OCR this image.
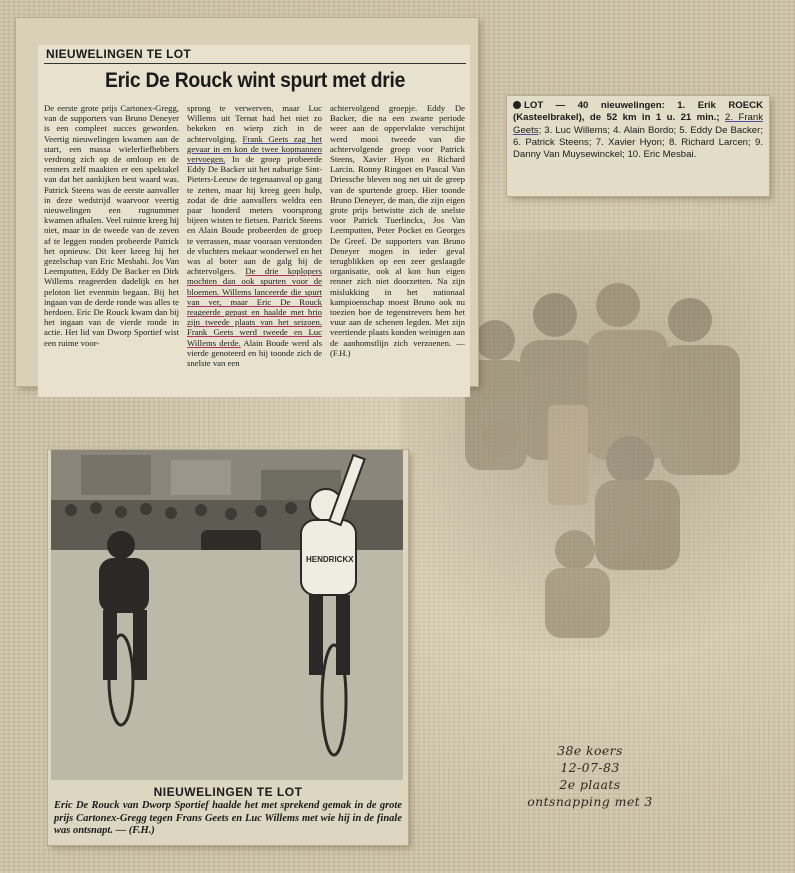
NIEUWELINGEN TE LOT
Eric De Rouck wint spurt met drie

De eerste grote prijs Cartonex-Gregg, van de supporters van Bruno Deneyer is een compleet succes geworden. Veertig nieuwelingen kwamen aan de start, een massa wielerliefhebbers verdrong zich op de omloop en de renners zelf maakten er een spektakel van dat het aankijken best waard was. Patrick Steens was de eerste aanvaller in deze wedstrijd waarvoor veertig nieuwelingen een rugnummer kwamen afhalen. Veel ruimte kreeg hij niet, maar in de tweede van de zeven af te leggen ronden probeerde Patrick het opnieuw. Dit keer kreeg hij het gezelschap van Eric Mesbahi. Jos Van Leemputten, Eddy De Backer en Dirk Willems reageerden dadelijk en het peloton liet evenmin begaan. Bij het ingaan van de derde ronde was alles te herdoen. Eric De Rouck kwam dan bij het ingaan van de vierde ronde in actie. Het lid van Dworp Sportief wist een ruime voor-

sprong te verwerven, maar Luc Willems uit Ternat had het niet zo bekeken en wierp zich in de achtervolging. Frank Geets zag het gevaar in en kon de twee kopmannen vervoegen. In de groep probeerde Eddy De Backer uit het naburige Sint-Pieters-Leeuw de tegenaanval op gang te zetten, maar hij kreeg geen hulp, zodat de drie aanvallers weldra een paar honderd meters voorsprong bijeen wisten te fietsen. Patrick Steens en Alain Boude probeerden de groep te verrassen, maar vooraan verstonden de vluchters mekaar wonderwel en het was al boter aan de galg bij de achtervolgers. De drie koplopers mochten dan ook spurten voor de bloemen. Willems lanceerde die spurt van ver, maar Eric De Rouck reageerde gepast en haalde met brio zijn tweede plaats van het seizoen. Frank Geets werd tweede en Luc Willems derde. Alain Boude werd als vierde genoteerd en hij toonde zich de snelste van een

achtervolgend groepje. Eddy De Backer, die na een zwarte periode weer aan de oppervlakte verschijnt werd mooi tweede van die achtervolgende groep voor Patrick Steens, Xavier Hyon en Richard Larcin. Ronny Ringoet en Pascal Van Driessche bleven nog net uit de greep van de spurtende groep. Hier toonde Bruno Deneyer, de man, die zijn eigen grote prijs betwistte zich de snelste voor Patrick Tuerlinckx, Jos Van Leemputten, Peter Pocket en Georges De Greef. De supporters van Bruno Deneyer mogen in ieder geval terugblikken op een zeer geslaagde organisatie, ook al kon hun eigen renner zich niet doorzetten. Na zijn mislukking in het nationaal kampioenschap moest Bruno ook nu toezien hoe de tegenstrevers hem het vuur aan de schenen legden. Met zijn veertiende plaats konden weinigen aan de aanhomstlijn zich verzoenen. — (F.H.)

LOT — 40 nieuwelingen: 1. Erik ROECK (Kasteelbrakel), de 52 km in 1 u. 21 min.; 2. Frank Geets; 3. Luc Willems; 4. Alain Bordo; 5. Eddy De Backer; 6. Patrick Steens; 7. Xavier Hyon; 8. Richard Larcen; 9. Danny Van Muysewinckel; 10. Eric Mesbai.
HENDRICKX
NIEUWELINGEN TE LOT
Eric De Rouck van Dworp Sportief haalde het met sprekend gemak in de grote prijs Cartonex-Gregg tegen Frans Geets en Luc Willems met wie hij in de finale was ontsnapt. — (F.H.)
38e koers
12-07-83
2e plaats
ontsnapping met 3
